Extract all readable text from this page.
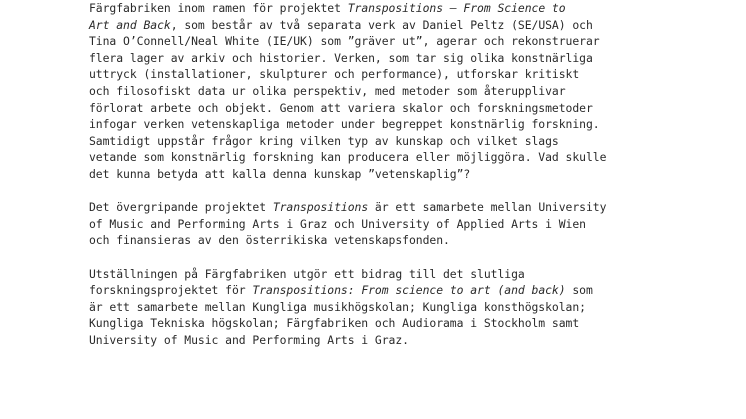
Färgfabriken inom ramen för projektet Transpositions – From Science to
Art and Back, som består av två separata verk av Daniel Peltz (SE/USA) och
Tina O’Connell/Neal White (IE/UK) som ”gräver ut”, agerar och rekonstruerar
flera lager av arkiv och historier. Verken, som tar sig olika konstnärliga
uttryck (installationer, skulpturer och performance), utforskar kritiskt
och filosofiskt data ur olika perspektiv, med metoder som återupplivar
förlorat arbete och objekt. Genom att variera skalor och forskningsmetoder
infogar verken vetenskapliga metoder under begreppet konstnärlig forskning.
Samtidigt uppstår frågor kring vilken typ av kunskap och vilket slags
vetande som konstnärlig forskning kan producera eller möjliggöra. Vad skulle
det kunna betyda att kalla denna kunskap ”vetenskaplig”?
Det övergripande projektet Transpositions är ett samarbete mellan University
of Music and Performing Arts i Graz och University of Applied Arts i Wien
och finansieras av den österrikiska vetenskapsfonden.
Utställningen på Färgfabriken utgör ett bidrag till det slutliga
forskningsprojektet för Transpositions: From science to art (and back) som
är ett samarbete mellan Kungliga musikhögskolan; Kungliga konsthögskolan;
Kungliga Tekniska högskolan; Färgfabriken och Audiorama i Stockholm samt
University of Music and Performing Arts i Graz.
